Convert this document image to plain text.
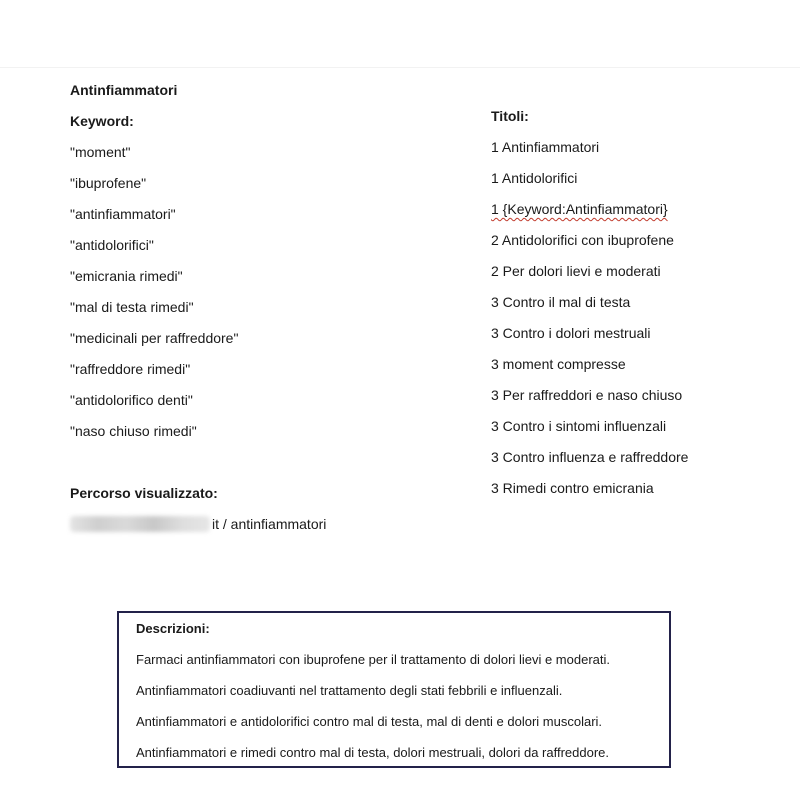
Antinfiammatori
Keyword:
"moment"
"ibuprofene"
"antinfiammatori"
"antidolorifici"
"emicrania rimedi"
"mal di testa rimedi"
"medicinali per raffreddore"
"raffreddore rimedi"
"antidolorifico denti"
"naso chiuso rimedi"
Percorso visualizzato:
it / antinfiammatori
Titoli:
1 Antinfiammatori
1 Antidolorifici
1 {Keyword:Antinfiammatori}
2 Antidolorifici con ibuprofene
2 Per dolori lievi e moderati
3 Contro il mal di testa
3 Contro i dolori mestruali
3 moment compresse
3 Per raffreddori e naso chiuso
3 Contro i sintomi influenzali
3 Contro influenza e raffreddore
3 Rimedi contro emicrania
Descrizioni:
Farmaci antinfiammatori con ibuprofene per il trattamento di dolori lievi e moderati.
Antinfiammatori coadiuvanti nel trattamento degli stati febbrili e influenzali.
Antinfiammatori e antidolorifici contro mal di testa, mal di denti e dolori muscolari.
Antinfiammatori e rimedi contro mal di testa, dolori mestruali, dolori da raffreddore.
